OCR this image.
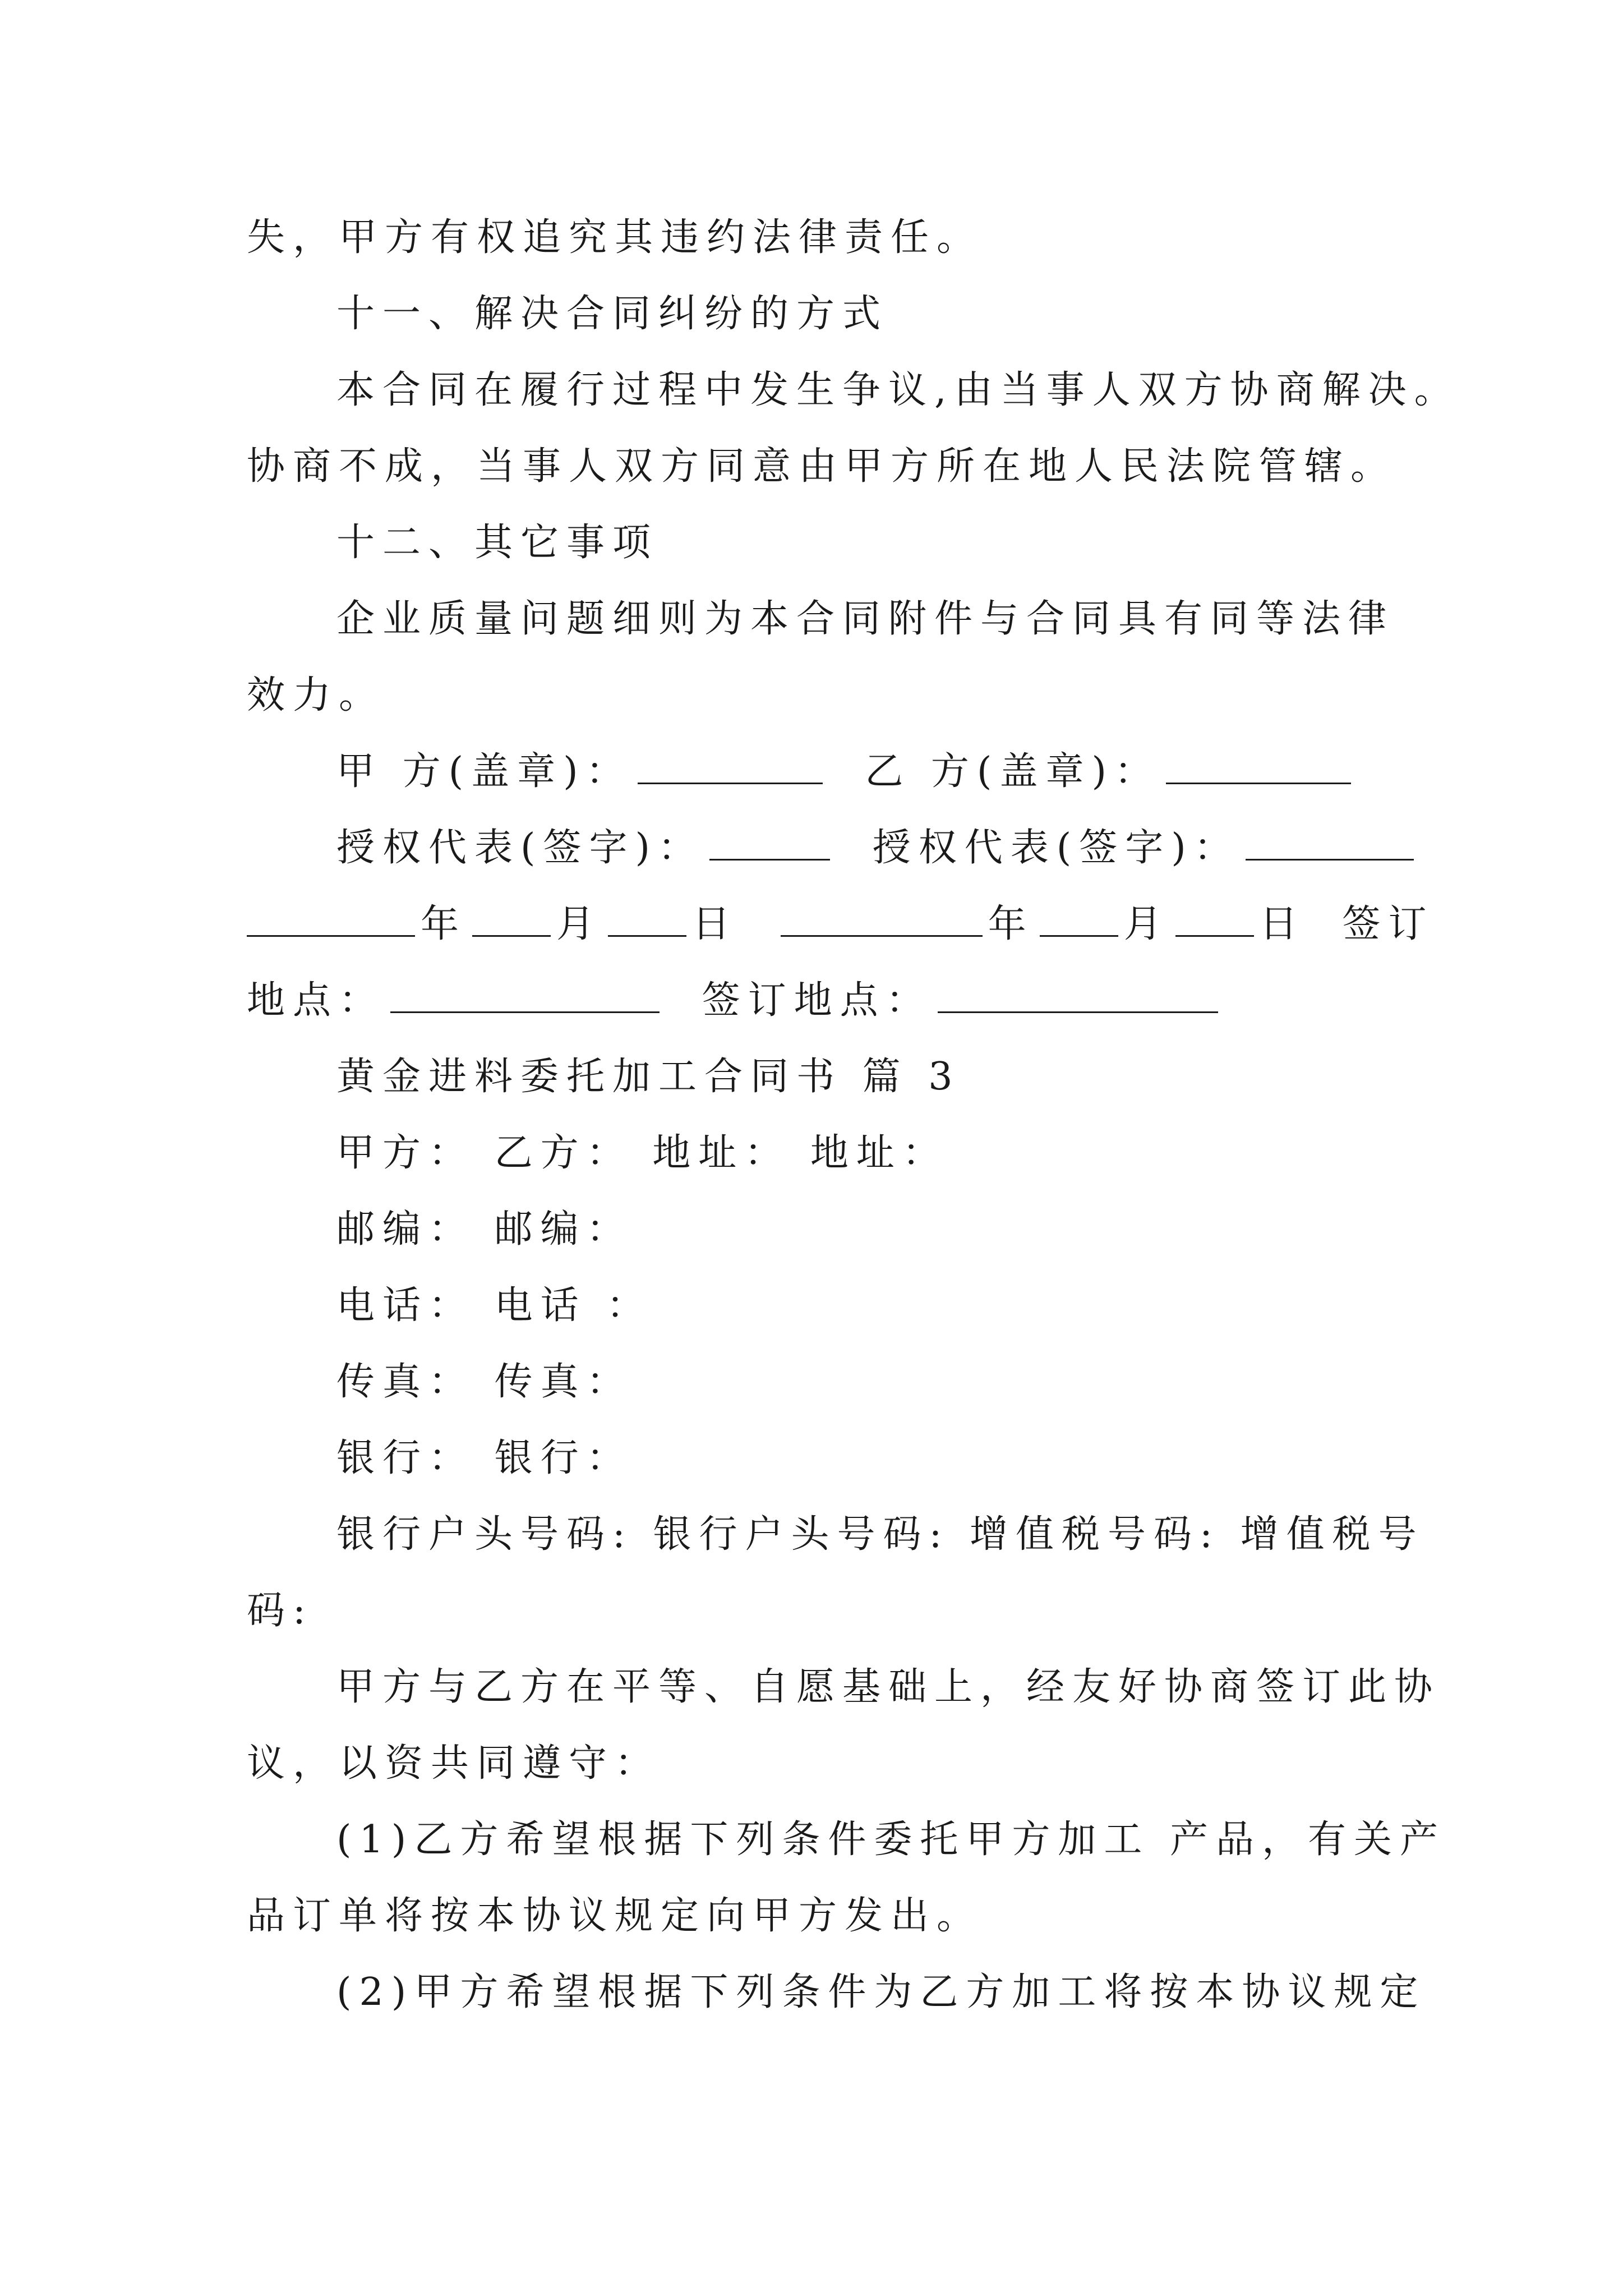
失，甲方有权追究其违约法律责任。
十一、解决合同纠纷的方式
本合同在履行过程中发生争议,由当事人双方协商解决。
协商不成，当事人双方同意由甲方所在地人民法院管辖。
十二、其它事项
企业质量问题细则为本合同附件与合同具有同等法律
效力。
甲 方(盖章)：	乙 方(盖章)：
授权代表(签字)：	授权代表(签字)：
年 月 日	年 月 日 签订
地点：	签订地点：
黄金进料委托加工合同书 篇 3
甲方： 乙方： 地址： 地址：
邮编： 邮编：
电话： 电话 ：
传真： 传真：
银行： 银行：
银行户头号码: 银行户头号码: 增值税号码: 增值税号
码:
甲方与乙方在平等、自愿基础上，经友好协商签订此协
议，以资共同遵守：
(1)乙方希望根据下列条件委托甲方加工 产品，有关产
品订单将按本协议规定向甲方发出。
(2)甲方希望根据下列条件为乙方加工将按本协议规定
